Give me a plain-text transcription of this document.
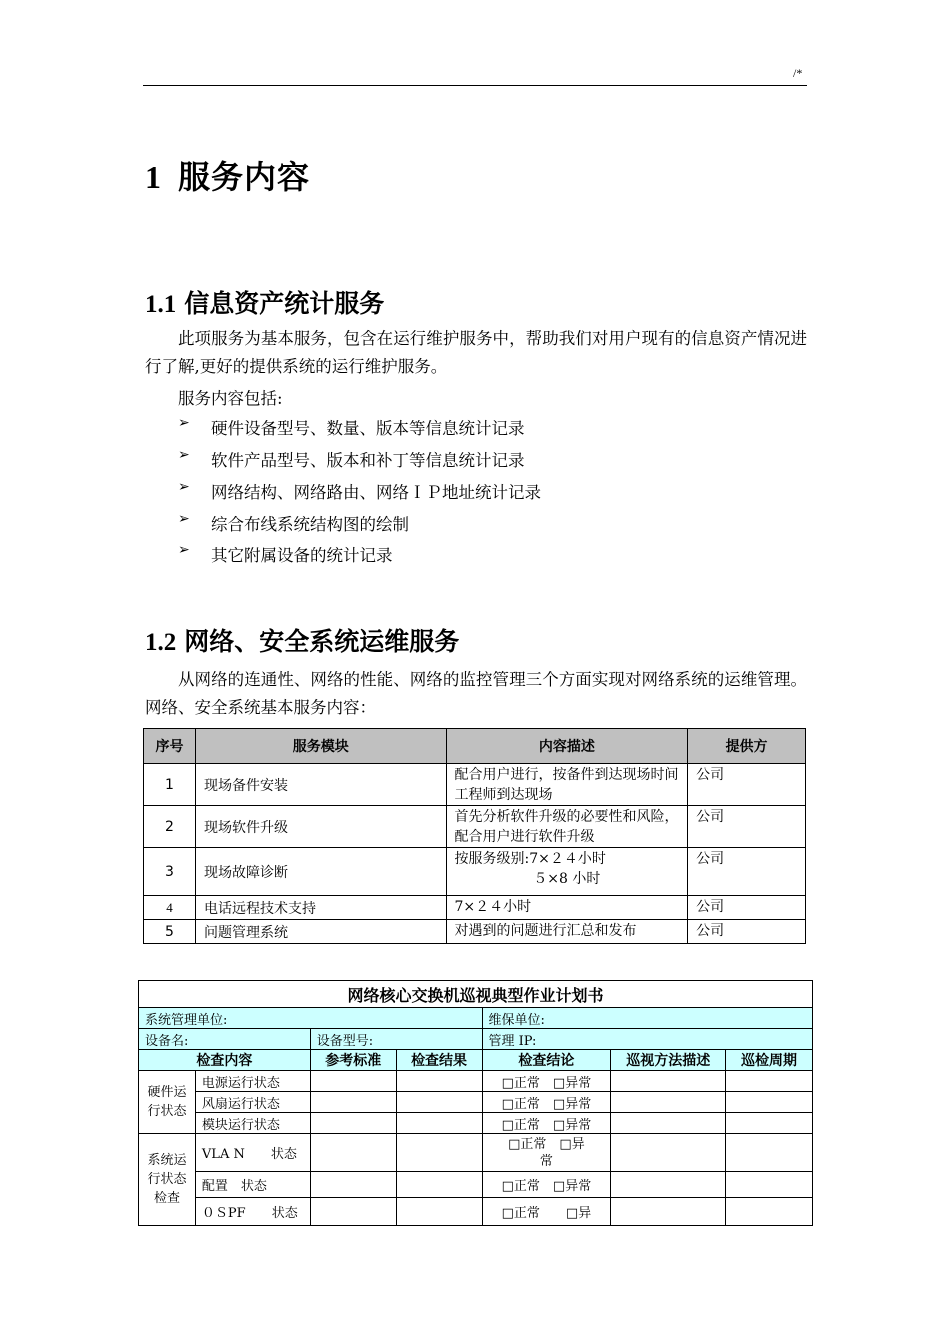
/*
1 服务内容
1.1 信息资产统计服务
此项服务为基本服务，包含在运行维护服务中，帮助我们对用户现有的信息资产情况进行了解,更好的提供系统的运行维护服务。
服务内容包括:
➢	硬件设备型号、数量、版本等信息统计记录
➢	软件产品型号、版本和补丁等信息统计记录
➢	网络结构、网络路由、网络ＩＰ地址统计记录
➢	综合布线系统结构图的绘制
➢	其它附属设备的统计记录
1.2 网络、安全系统运维服务
从网络的连通性、网络的性能、网络的监控管理三个方面实现对网络系统的运维管理。网络、安全系统基本服务内容：
序号	服务模块	内容描述	提供方
1	现场备件安装	配合用户进行，按备件到达现场时间工程师到达现场	公司
2	现场软件升级	首先分析软件升级的必要性和风险，配合用户进行软件升级	公司
3	现场故障诊断	按服务级别:7×２４小时
５×8 小时	公司
4	电话远程技术支持	7×２４小时	公司
5	问题管理系统	对遇到的问题进行汇总和发布	公司
网络核心交换机巡视典型作业计划书						
系统管理单位:				维保单位:		
设备名:		设备型号:		管理 IP:		
检查内容		参考标准	检查结果	检查结论	巡视方法描述	巡检周期
硬件运行状态	电源运行状态			□正常　 □异常		
	风扇运行状态			□正常　 □异常		
	模块运行状态			□正常　 □异常		
系统运行状态检查	VLA N　　状态			□正常　 □异
常		
	配置　状态			□正常　 □异常		
	０ＳPF　　状态			□正常　　 □异		
